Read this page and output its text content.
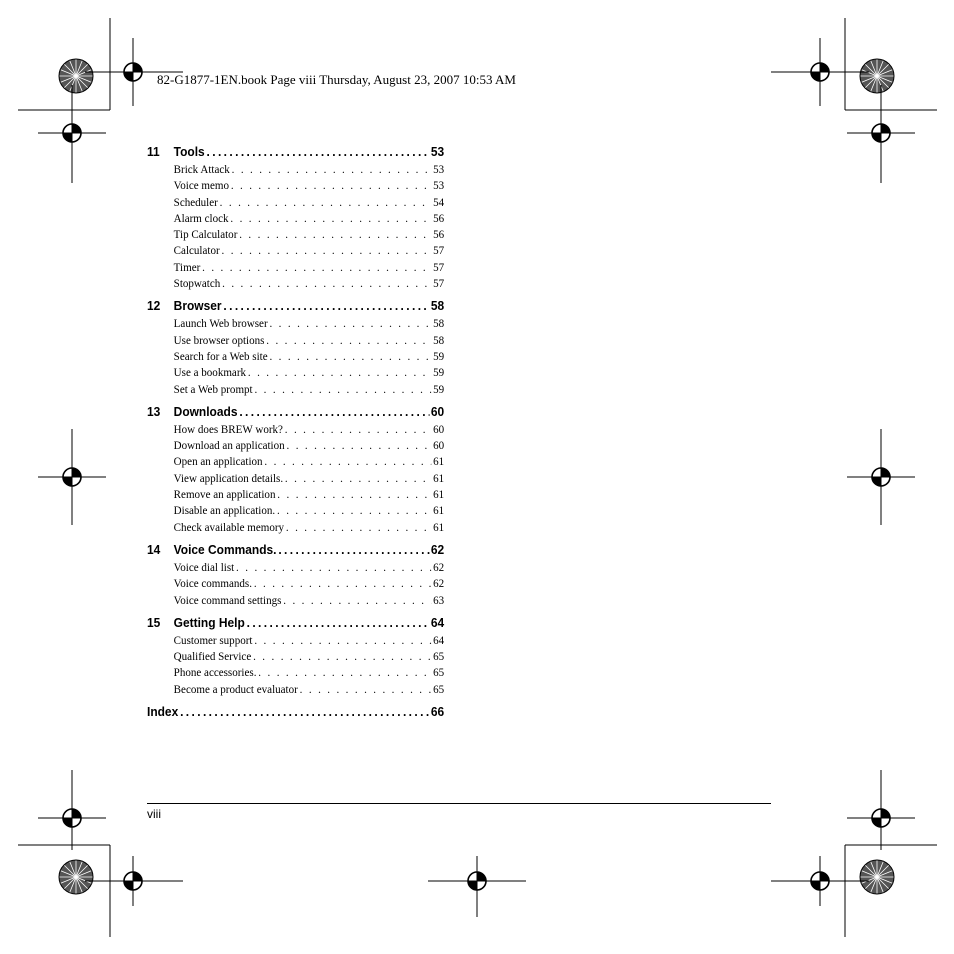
82-G1877-1EN.book Page viii Thursday, August 23, 2007 10:53 AM
11	Tools .....	53
Brick Attack . . .	53
Voice memo . . .	53
Scheduler . . .	54
Alarm clock . . .	56
Tip Calculator . . .	56
Calculator . . .	57
Timer . . .	57
Stopwatch . . .	57
12	Browser .....	58
Launch Web browser . . .	58
Use browser options . . .	58
Search for a Web site . . .	59
Use a bookmark . . .	59
Set a Web prompt . . .	59
13	Downloads .....	60
How does BREW work? . . .	60
Download an application . . .	60
Open an application . . .	61
View application details. . . .	61
Remove an application . . .	61
Disable an application. . . .	61
Check available memory . . .	61
14	Voice Commands. .....	62
Voice dial list . . .	62
Voice commands. . . .	62
Voice command settings . . .	63
15	Getting Help .....	64
Customer support . . .	64
Qualified Service . . .	65
Phone accessories. . . .	65
Become a product evaluator . . .	65
Index .....	66
viii
